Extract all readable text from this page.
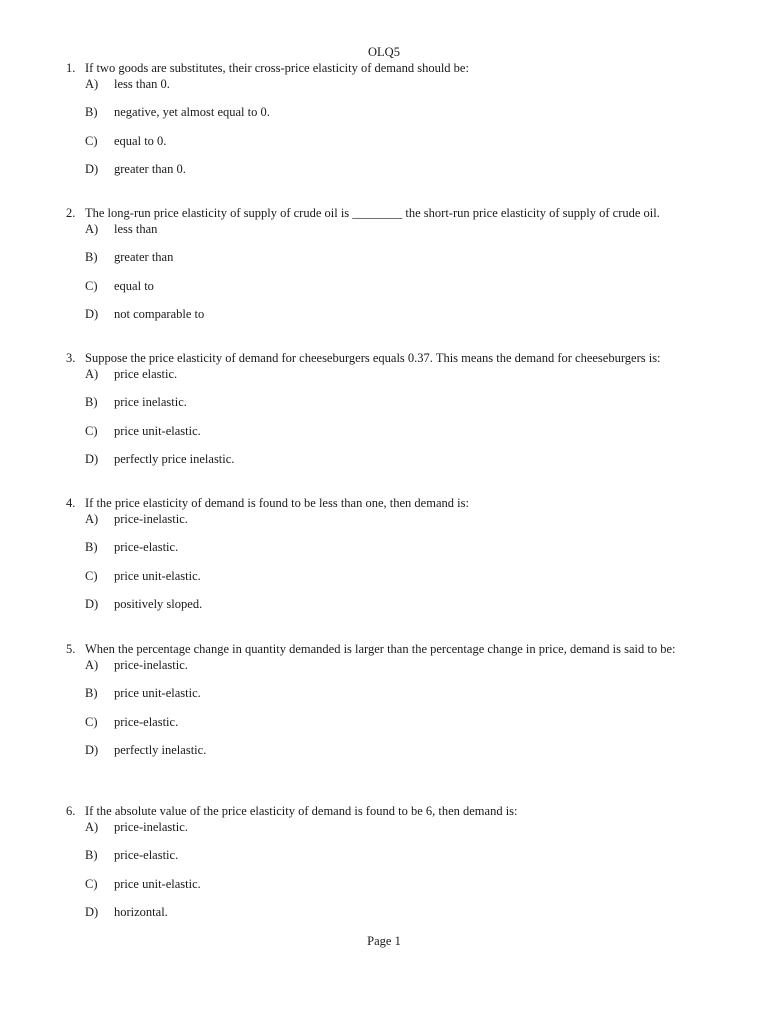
OLQ5
1. If two goods are substitutes, their cross-price elasticity of demand should be:
A) less than 0.
B) negative, yet almost equal to 0.
C) equal to 0.
D) greater than 0.
2. The long-run price elasticity of supply of crude oil is ________ the short-run price elasticity of supply of crude oil.
A) less than
B) greater than
C) equal to
D) not comparable to
3. Suppose the price elasticity of demand for cheeseburgers equals 0.37. This means the demand for cheeseburgers is:
A) price elastic.
B) price inelastic.
C) price unit-elastic.
D) perfectly price inelastic.
4. If the price elasticity of demand is found to be less than one, then demand is:
A) price-inelastic.
B) price-elastic.
C) price unit-elastic.
D) positively sloped.
5. When the percentage change in quantity demanded is larger than the percentage change in price, demand is said to be:
A) price-inelastic.
B) price unit-elastic.
C) price-elastic.
D) perfectly inelastic.
6. If the absolute value of the price elasticity of demand is found to be 6, then demand is:
A) price-inelastic.
B) price-elastic.
C) price unit-elastic.
D) horizontal.
Page 1
